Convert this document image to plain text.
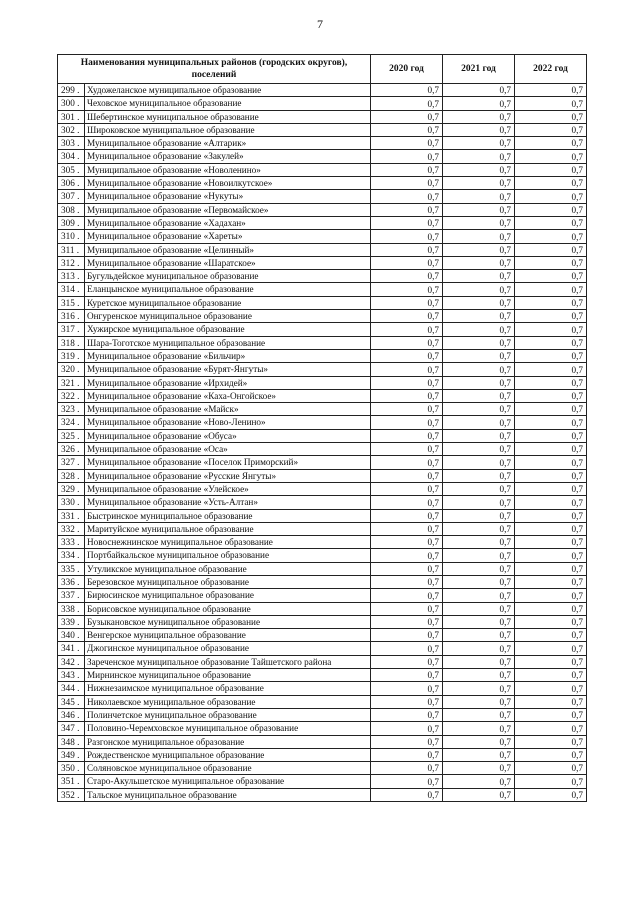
7
Наименования муниципальных районов (городских округов), поселений		2020 год	2021 год	2022 год
299 .	Художеланское муниципальное образование	0,7	0,7	0,7
300 .	Чеховское муниципальное образование	0,7	0,7	0,7
301 .	Шебертинское муниципальное образование	0,7	0,7	0,7
302 .	Широковское муниципальное образование	0,7	0,7	0,7
303 .	Муниципальное образование «Алтарик»	0,7	0,7	0,7
304 .	Муниципальное образование «Закулей»	0,7	0,7	0,7
305 .	Муниципальное образование «Новоленино»	0,7	0,7	0,7
306 .	Муниципальное образование «Новоилкутское»	0,7	0,7	0,7
307 .	Муниципальное образование «Нукуты»	0,7	0,7	0,7
308 .	Муниципальное образование «Первомайское»	0,7	0,7	0,7
309 .	Муниципальное образование «Хадахан»	0,7	0,7	0,7
310 .	Муниципальное образование «Хареты»	0,7	0,7	0,7
311 .	Муниципальное образование «Целинный»	0,7	0,7	0,7
312 .	Муниципальное образование «Шаратское»	0,7	0,7	0,7
313 .	Бугульдейское муниципальное образование	0,7	0,7	0,7
314 .	Еланцынское муниципальное образование	0,7	0,7	0,7
315 .	Куретское муниципальное образование	0,7	0,7	0,7
316 .	Онгуренское муниципальное образование	0,7	0,7	0,7
317 .	Хужирское муниципальное образование	0,7	0,7	0,7
318 .	Шара-Тоготское муниципальное образование	0,7	0,7	0,7
319 .	Муниципальное образование «Бильчир»	0,7	0,7	0,7
320 .	Муниципальное образование «Бурят-Янгуты»	0,7	0,7	0,7
321 .	Муниципальное образование «Ирхидей»	0,7	0,7	0,7
322 .	Муниципальное образование «Каха-Онгойское»	0,7	0,7	0,7
323 .	Муниципальное образование «Майск»	0,7	0,7	0,7
324 .	Муниципальное образование «Ново-Ленино»	0,7	0,7	0,7
325 .	Муниципальное образование «Обуса»	0,7	0,7	0,7
326 .	Муниципальное образование «Оса»	0,7	0,7	0,7
327 .	Муниципальное образование «Поселок Приморский»	0,7	0,7	0,7
328 .	Муниципальное образование «Русские Янгуты»	0,7	0,7	0,7
329 .	Муниципальное образование «Улейское»	0,7	0,7	0,7
330 .	Муниципальное образование «Усть-Алтан»	0,7	0,7	0,7
331 .	Быстринское муниципальное образование	0,7	0,7	0,7
332 .	Маритуйское муниципальное образование	0,7	0,7	0,7
333 .	Новоснежнинское муниципальное образование	0,7	0,7	0,7
334 .	Портбайкальское муниципальное образование	0,7	0,7	0,7
335 .	Утуликское муниципальное образование	0,7	0,7	0,7
336 .	Березовское муниципальное образование	0,7	0,7	0,7
337 .	Бирюсинское муниципальное образование	0,7	0,7	0,7
338 .	Борисовское муниципальное образование	0,7	0,7	0,7
339 .	Бузыкановское муниципальное образование	0,7	0,7	0,7
340 .	Венгерское муниципальное образование	0,7	0,7	0,7
341 .	Джогинское муниципальное образование	0,7	0,7	0,7
342 .	Зареченское муниципальное образование Тайшетского района	0,7	0,7	0,7
343 .	Мирнинское муниципальное образование	0,7	0,7	0,7
344 .	Нижнезаимское муниципальное образование	0,7	0,7	0,7
345 .	Николаевское муниципальное образование	0,7	0,7	0,7
346 .	Полинчетское муниципальное образование	0,7	0,7	0,7
347 .	Половино-Черемховское муниципальное образование	0,7	0,7	0,7
348 .	Разгонское муниципальное образование	0,7	0,7	0,7
349 .	Рождественское муниципальное образование	0,7	0,7	0,7
350 .	Соляновское муниципальное образование	0,7	0,7	0,7
351 .	Старо-Акульшетское муниципальное образование	0,7	0,7	0,7
352 .	Тальское муниципальное образование	0,7	0,7	0,7
